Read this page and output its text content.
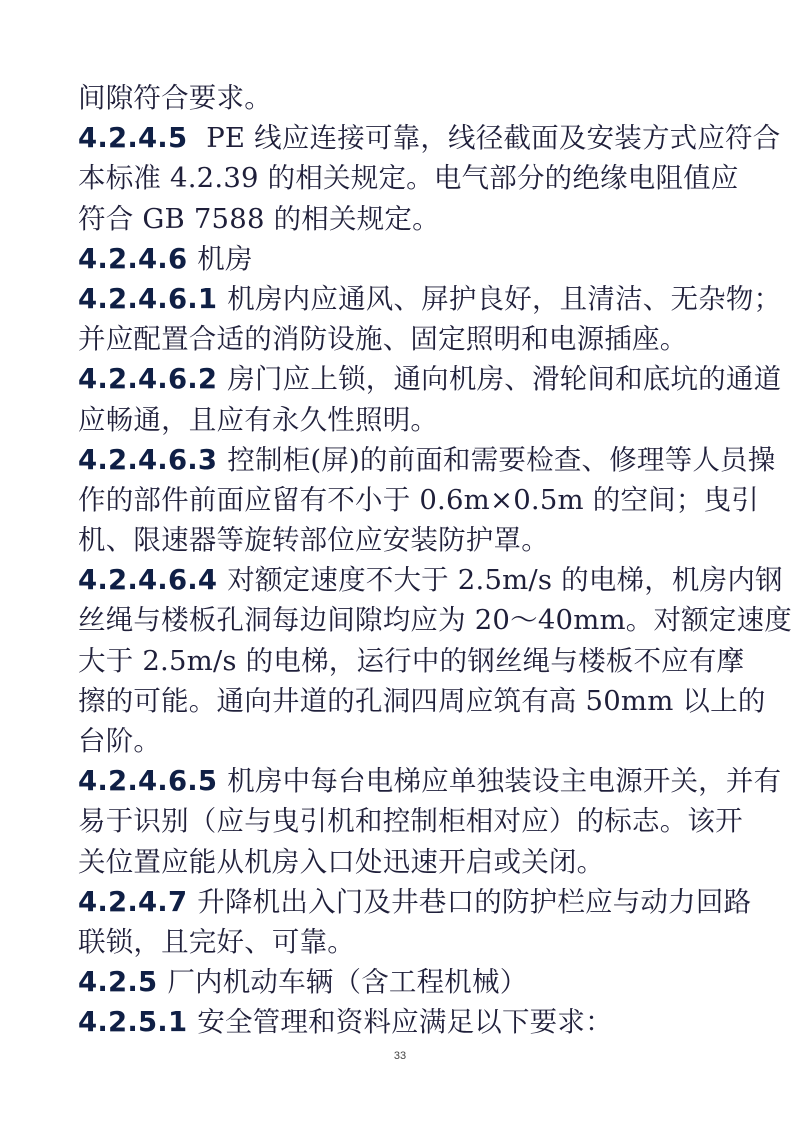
间隙符合要求。
4.2.4.5 PE 线应连接可靠，线径截面及安装方式应符合
本标准 4.2.39 的相关规定。电气部分的绝缘电阻值应
符合 GB 7588 的相关规定。
4.2.4.6 机房
4.2.4.6.1 机房内应通风、屏护良好，且清洁、无杂物；
并应配置合适的消防设施、固定照明和电源插座。
4.2.4.6.2 房门应上锁，通向机房、滑轮间和底坑的通道
应畅通，且应有永久性照明。
4.2.4.6.3 控制柜(屏)的前面和需要检查、修理等人员操
作的部件前面应留有不小于 0.6m×0.5m 的空间；曳引
机、限速器等旋转部位应安装防护罩。
4.2.4.6.4 对额定速度不大于 2.5m/s 的电梯，机房内钢
丝绳与楼板孔洞每边间隙均应为 20～40mm。对额定速度
大于 2.5m/s 的电梯，运行中的钢丝绳与楼板不应有摩
擦的可能。通向井道的孔洞四周应筑有高 50mm 以上的
台阶。
4.2.4.6.5 机房中每台电梯应单独装设主电源开关，并有
易于识别（应与曳引机和控制柜相对应）的标志。该开
关位置应能从机房入口处迅速开启或关闭。
4.2.4.7 升降机出入门及井巷口的防护栏应与动力回路
联锁，且完好、可靠。
4.2.5 厂内机动车辆（含工程机械）
4.2.5.1 安全管理和资料应满足以下要求：
33
